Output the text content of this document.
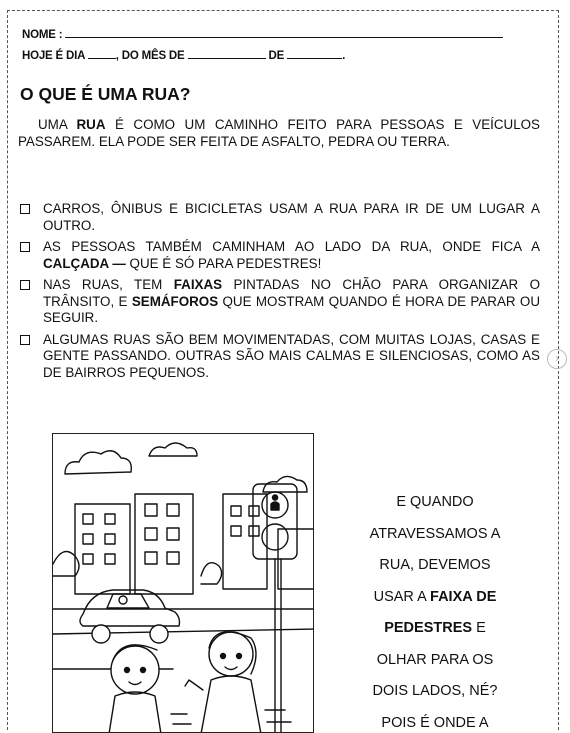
NOME :
HOJE É DIA	, DO MÊS DE	DE	.
O QUE É UMA RUA?
UMA RUA É COMO UM CAMINHO FEITO PARA PESSOAS E VEÍCULOS PASSAREM. ELA PODE SER FEITA DE ASFALTO, PEDRA OU TERRA.
CARROS, ÔNIBUS E BICICLETAS USAM A RUA PARA IR DE UM LUGAR A OUTRO.
AS PESSOAS TAMBÉM CAMINHAM AO LADO DA RUA, ONDE FICA A CALÇADA — QUE É SÓ PARA PEDESTRES!
NAS RUAS, TEM FAIXAS PINTADAS NO CHÃO PARA ORGANIZAR O TRÂNSITO, E SEMÁFOROS QUE MOSTRAM QUANDO É HORA DE PARAR OU SEGUIR.
ALGUMAS RUAS SÃO BEM MOVIMENTADAS, COM MUITAS LOJAS, CASAS E GENTE PASSANDO. OUTRAS SÃO MAIS CALMAS E SILENCIOSAS, COMO AS DE BAIRROS PEQUENOS.
›
E QUANDO
ATRAVESSAMOS A
RUA, DEVEMOS
USAR A FAIXA DE
PEDESTRES E
OLHAR PARA OS
DOIS LADOS, NÉ?
POIS É ONDE A
